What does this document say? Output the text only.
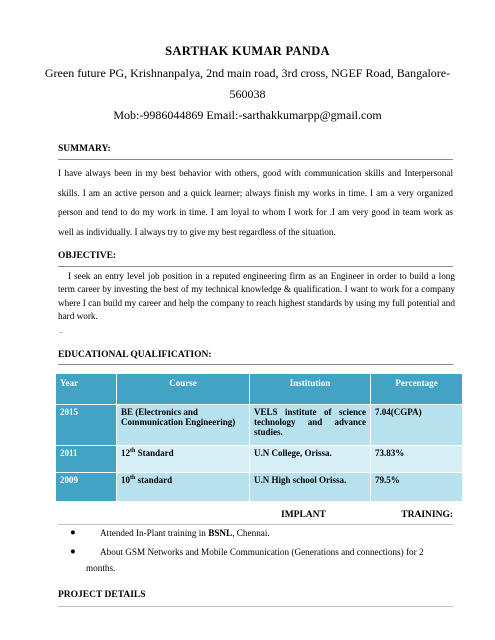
SARTHAK KUMAR PANDA
Green future PG, Krishnanpalya, 2nd main road, 3rd cross, NGEF Road, Bangalore-
560038
Mob:-9986044869 Email:-sarthakkumarpp@gmail.com
SUMMARY:

I have always been in my best behavior with others, good with communication skills and Interpersonal skills. I am an active person and a quick learner; always finish my works in time. I am a very organized person and tend to do my work in time. I am loyal to whom I work for .I am very good in team work as well as individually. I always try to give my best regardless of the situation.

OBJECTIVE:

I seek an entry level job position in a reputed engineering firm as an Engineer in order to build a long term career by investing the best of my technical knowledge & qualification. I want to work for a company where I can build my career and help the company to reach highest standards by using my full potential and hard work.

.
EDUCATIONAL QUALIFICATION:
Year	Course	Institution	Percentage
2015	BE (Electronics and Communication Engineering)	VELS institute of science technology and advance studies.	7.04(CGPA)
2011	12th Standard	U.N College, Orissa.	73.83%
2009	10th standard	U.N High school Orissa.	79.5%
IMPLANT	TRAINING:
●	Attended In-Plant training in BSNL, Chennai.
●	About GSM Networks and Mobile Communication (Generations and connections) for 2
months.
PROJECT DETAILS
